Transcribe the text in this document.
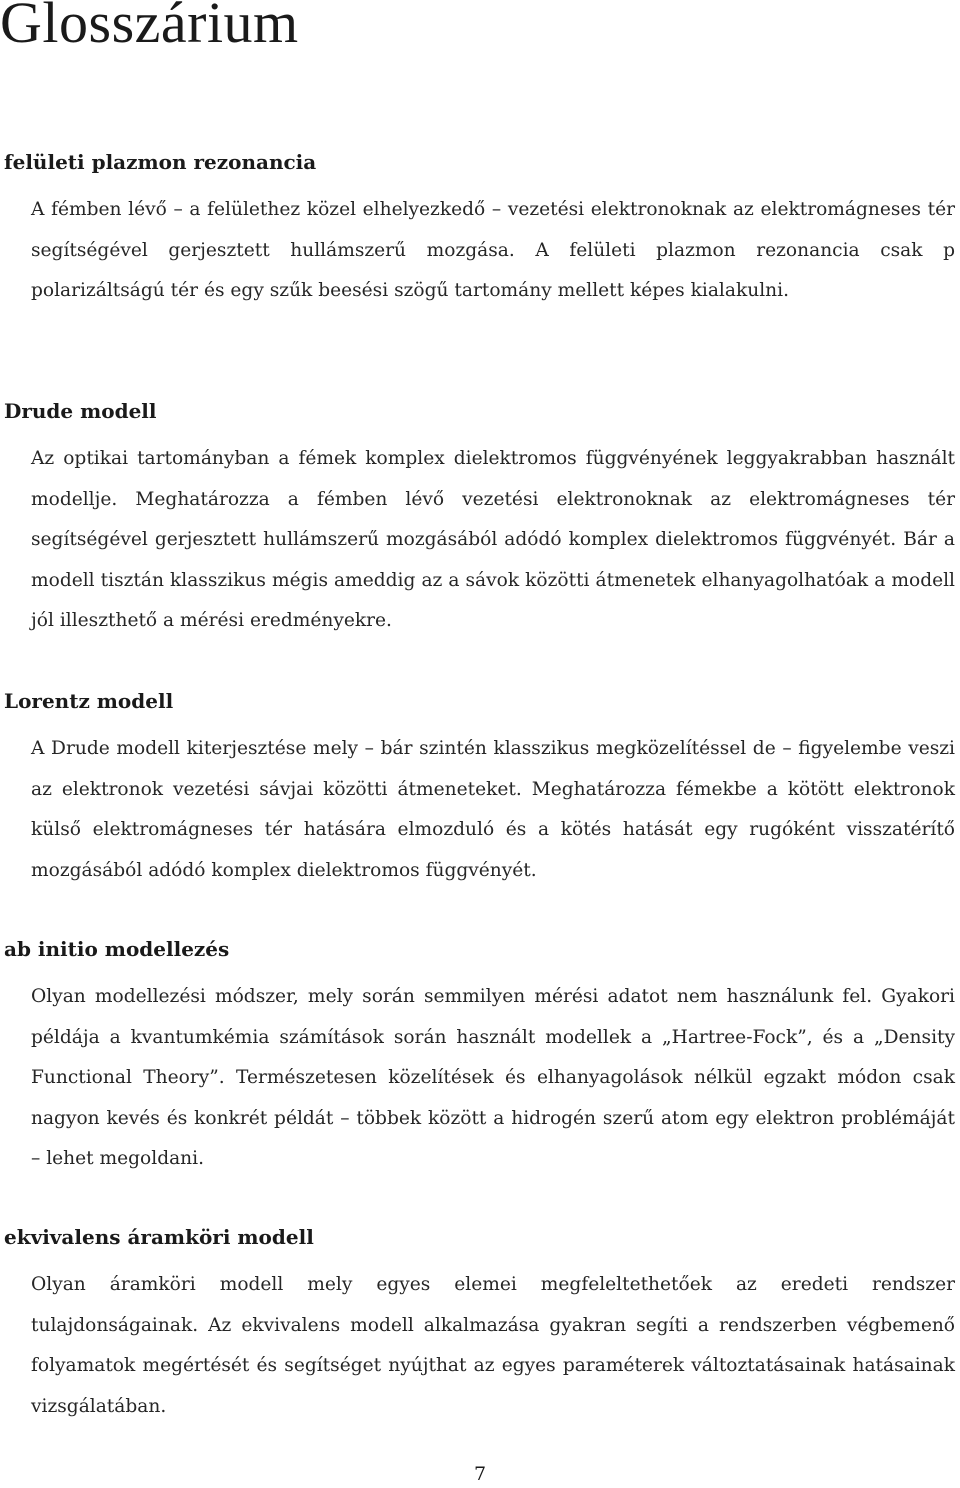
Glosszárium
felületi plazmon rezonancia

A fémben lévő – a felülethez közel elhelyezkedő – vezetési elektronoknak az elektromágneses tér segítségével gerjesztett hullámszerű mozgása. A felületi plazmon rezonancia csak p polarizáltságú tér és egy szűk beesési szögű tartomány mellett képes kialakulni.

Drude modell

Az optikai tartományban a fémek komplex dielektromos függvényének leggyakrabban használt modellje. Meghatározza a fémben lévő vezetési elektronoknak az elektromágneses tér segítségével gerjesztett hullámszerű mozgásából adódó komplex dielektromos függvényét. Bár a modell tisztán klasszikus mégis ameddig az a sávok közötti átmenetek elhanyagolhatóak a modell jól illeszthető a mérési eredményekre.

Lorentz modell

A Drude modell kiterjesztése mely – bár szintén klasszikus megközelítéssel de – figyelembe veszi az elektronok vezetési sávjai közötti átmeneteket. Meghatározza fémekbe a kötött elektronok külső elektromágneses tér hatására elmozduló és a kötés hatását egy rugóként visszatérítő mozgásából adódó komplex dielektromos függvényét.

ab initio modellezés

Olyan modellezési módszer, mely során semmilyen mérési adatot nem használunk fel. Gyakori példája a kvantumkémia számítások során használt modellek a „Hartree-Fock”, és a „Density Functional Theory”. Természetesen közelítések és elhanyagolások nélkül egzakt módon csak nagyon kevés és konkrét példát – többek között a hidrogén szerű atom egy elektron problémáját – lehet megoldani.

ekvivalens áramköri modell

Olyan áramköri modell mely egyes elemei megfeleltethetőek az eredeti rendszer tulajdonságainak. Az ekvivalens modell alkalmazása gyakran segíti a rendszerben végbemenő folyamatok megértését és segítséget nyújthat az egyes paraméterek változtatásainak hatásainak vizsgálatában.

7
